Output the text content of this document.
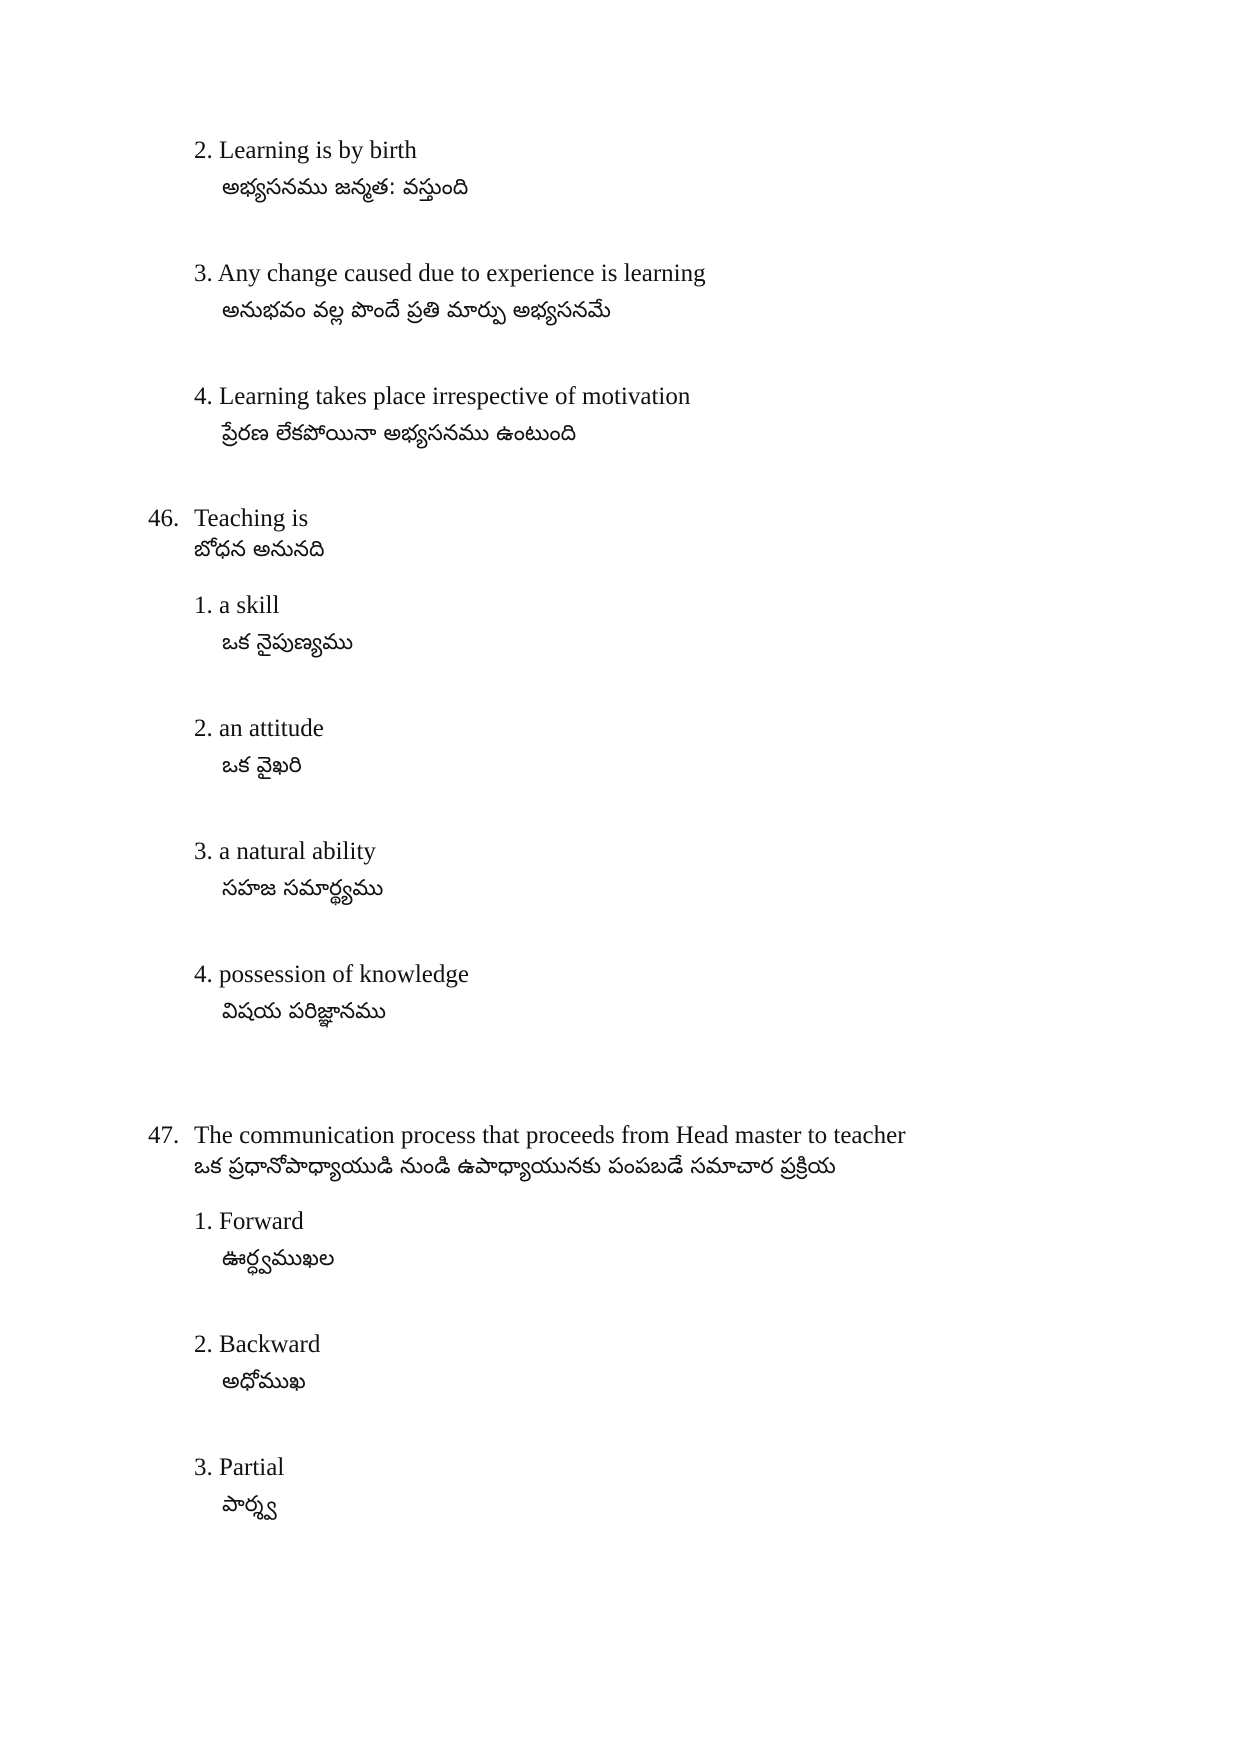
2. Learning is by birth
అభ్యసనము జన్మత: వస్తుంది
3. Any change caused due to experience is learning
అనుభవం వల్ల పొందే ప్రతి మార్పు అభ్యసనమే
4. Learning takes place irrespective of motivation
ప్రేరణ లేకపోయినా అభ్యసనము ఉంటుంది
46. Teaching is
బోధన అనునది
1. a skill
ఒక నైపుణ్యము
2. an attitude
ఒక వైఖరి
3. a natural ability
సహజ సమార్థ్యము
4. possession of knowledge
విషయ పరిజ్ఞానము
47. The communication process that proceeds from Head master to teacher
ఒక ప్రధానోపాధ్యాయుడి నుండి ఉపాధ్యాయునకు పంపబడే సమాచార ప్రక్రియ
1. Forward
ఊర్ధ్వముఖల
2. Backward
అధోముఖ
3. Partial
పార్శ్వ
